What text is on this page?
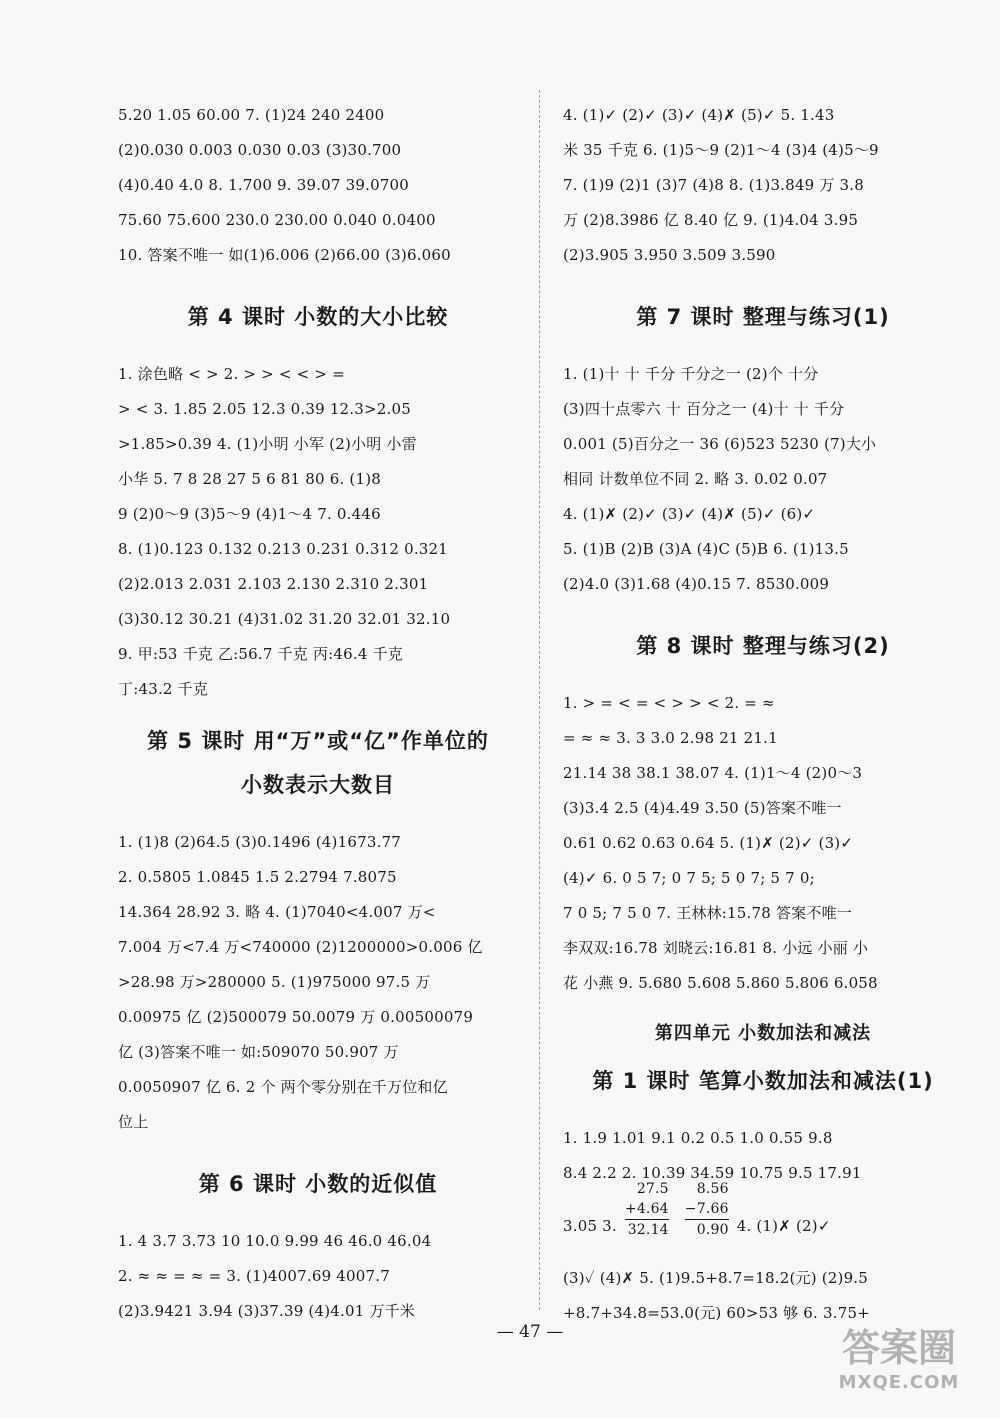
5.20 1.05 60.00 7. (1)24 240 2400
(2)0.030 0.003 0.030 0.03 (3)30.700
(4)0.40 4.0 8. 1.700 9. 39.07 39.0700
75.60 75.600 230.0 230.00 0.040 0.0400
10. 答案不唯一 如(1)6.006 (2)66.00 (3)6.060
第 4 课时 小数的大小比较
1. 涂色略 < > 2. > > < < > =
> < 3. 1.85 2.05 12.3 0.39 12.3>2.05
>1.85>0.39 4. (1)小明 小军 (2)小明 小雷
小华 5. 7 8 28 27 5 6 81 80 6. (1)8
9 (2)0～9 (3)5～9 (4)1～4 7. 0.446
8. (1)0.123 0.132 0.213 0.231 0.312 0.321
(2)2.013 2.031 2.103 2.130 2.310 2.301
(3)30.12 30.21 (4)31.02 31.20 32.01 32.10
9. 甲:53 千克 乙:56.7 千克 丙:46.4 千克
丁:43.2 千克
第 5 课时 用“万”或“亿”作单位的
小数表示大数目
1. (1)8 (2)64.5 (3)0.1496 (4)1673.77
2. 0.5805 1.0845 1.5 2.2794 7.8075
14.364 28.92 3. 略 4. (1)7040<4.007 万<
7.004 万<7.4 万<740000 (2)1200000>0.006 亿
>28.98 万>280000 5. (1)975000 97.5 万
0.00975 亿 (2)500079 50.0079 万 0.00500079
亿 (3)答案不唯一 如:509070 50.907 万
0.0050907 亿 6. 2 个 两个零分别在千万位和亿
位上
第 6 课时 小数的近似值
1. 4 3.7 3.73 10 10.0 9.99 46 46.0 46.04
2. ≈ ≈ = ≈ = 3. (1)4007.69 4007.7
(2)3.9421 3.94 (3)37.39 (4)4.01 万千米
4. (1)✓ (2)✓ (3)✓ (4)✗ (5)✓ 5. 1.43
米 35 千克 6. (1)5～9 (2)1～4 (3)4 (4)5～9
7. (1)9 (2)1 (3)7 (4)8 8. (1)3.849 万 3.8
万 (2)8.3986 亿 8.40 亿 9. (1)4.04 3.95
(2)3.905 3.950 3.509 3.590
第 7 课时 整理与练习(1)
1. (1)十 十 千分 千分之一 (2)个 十分
(3)四十点零六 十 百分之一 (4)十 十 千分
0.001 (5)百分之一 36 (6)523 5230 (7)大小
相同 计数单位不同 2. 略 3. 0.02 0.07
4. (1)✗ (2)✓ (3)✓ (4)✗ (5)✓ (6)✓
5. (1)B (2)B (3)A (4)C (5)B 6. (1)13.5
(2)4.0 (3)1.68 (4)0.15 7. 8530.009
第 8 课时 整理与练习(2)
1. > = < = < > > < 2. = ≈
= ≈ ≈ 3. 3 3.0 2.98 21 21.1
21.14 38 38.1 38.07 4. (1)1～4 (2)0～3
(3)3.4 2.5 (4)4.49 3.50 (5)答案不唯一
0.61 0.62 0.63 0.64 5. (1)✗ (2)✓ (3)✓
(4)✓ 6. 0 5 7; 0 7 5; 5 0 7; 5 7 0;
7 0 5; 7 5 0 7. 王林林:15.78 答案不唯一
李双双:16.78 刘晓云:16.81 8. 小远 小丽 小
花 小燕 9. 5.680 5.608 5.860 5.806 6.058
第四单元 小数加法和减法
第 1 课时 笔算小数加法和减法(1)
1. 1.9 1.01 9.1 0.2 0.5 1.0 0.55 9.8
8.4 2.2 2. 10.39 34.59 10.75 9.5 17.91
3.05 3.
27.5
+4.64
32.14
8.56
−7.66
0.90 4. (1)✗ (2)✓
(3)✓ (4)✗ 5. (1)9.5+8.7=18.2(元) (2)9.5
+8.7+34.8=53.0(元) 60>53 够 6. 3.75+
— 47 —	答案圈
MXQE.COM
